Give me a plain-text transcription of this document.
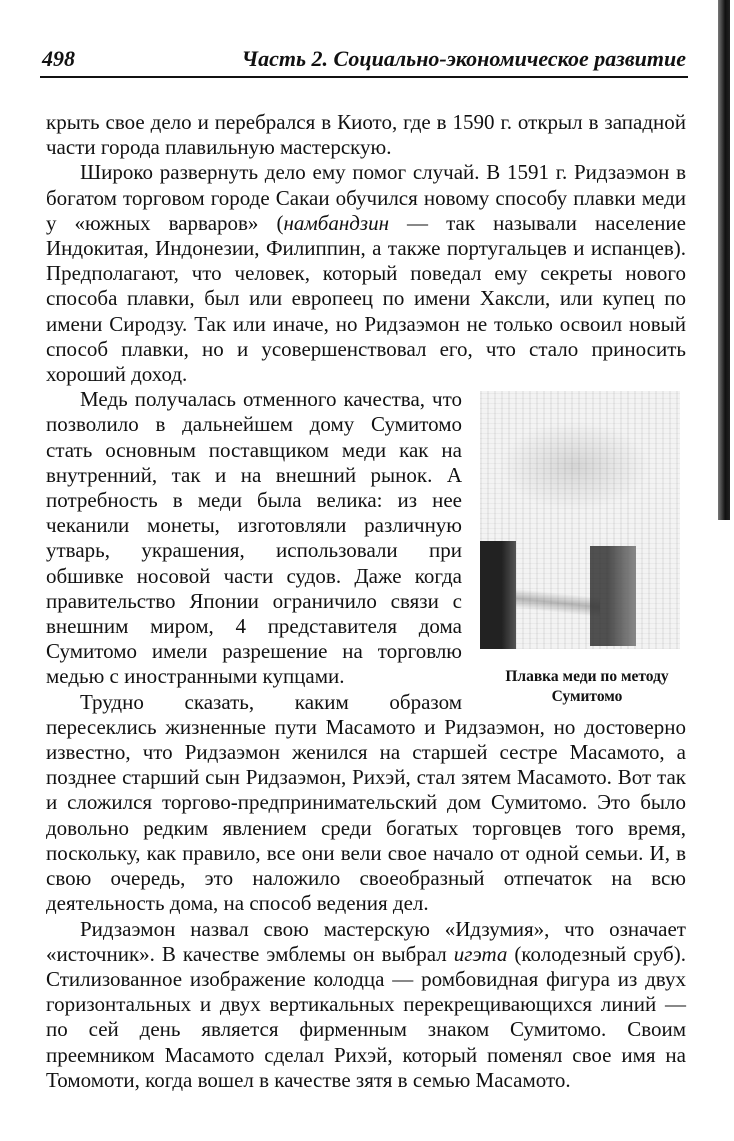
498	Часть 2. Социально-экономическое развитие

крыть свое дело и перебрался в Киото, где в 1590 г. открыл в западной части города плавильную мастерскую.

Широко развернуть дело ему помог случай. В 1591 г. Ридзаэмон в богатом торговом городе Сакаи обучился новому способу плавки меди у «южных варваров» (намбандзин — так называли население Индокитая, Индонезии, Филиппин, а также португальцев и испанцев). Предполагают, что человек, который поведал ему секреты нового способа плавки, был или европеец по имени Хаксли, или купец по имени Сиродзу. Так или иначе, но Ридзаэмон не только освоил новый способ плавки, но и усовершенствовал его, что стало приносить хороший доход.

Плавка меди по методу Сумитомо

Медь получалась отменного качества, что позволило в дальнейшем дому Сумитомо стать основным поставщиком меди как на внутренний, так и на внешний рынок. А потребность в меди была велика: из нее чеканили монеты, изготовляли различную утварь, украшения, использовали при обшивке носовой части судов. Даже когда правительство Японии ограничило связи с внешним миром, 4 представителя дома Сумитомо имели разрешение на торговлю медью с иностранными купцами.

Трудно сказать, каким образом пересеклись жизненные пути Масамото и Ридзаэмон, но достоверно известно, что Ридзаэмон женился на старшей сестре Масамото, а позднее старший сын Ридзаэмон, Рихэй, стал зятем Масамото. Вот так и сложился торгово-предпринимательский дом Сумитомо. Это было довольно редким явлением среди богатых торговцев того время, поскольку, как правило, все они вели свое начало от одной семьи. И, в свою очередь, это наложило своеобразный отпечаток на всю деятельность дома, на способ ведения дел.

Ридзаэмон назвал свою мастерскую «Идзумия», что означает «источник». В качестве эмблемы он выбрал игэта (колодезный сруб). Стилизованное изображение колодца — ромбовидная фигура из двух горизонтальных и двух вертикальных перекрещивающихся линий — по сей день является фирменным знаком Сумитомо. Своим преемником Масамото сделал Рихэй, который поменял свое имя на Томомоти, когда вошел в качестве зятя в семью Масамото.
